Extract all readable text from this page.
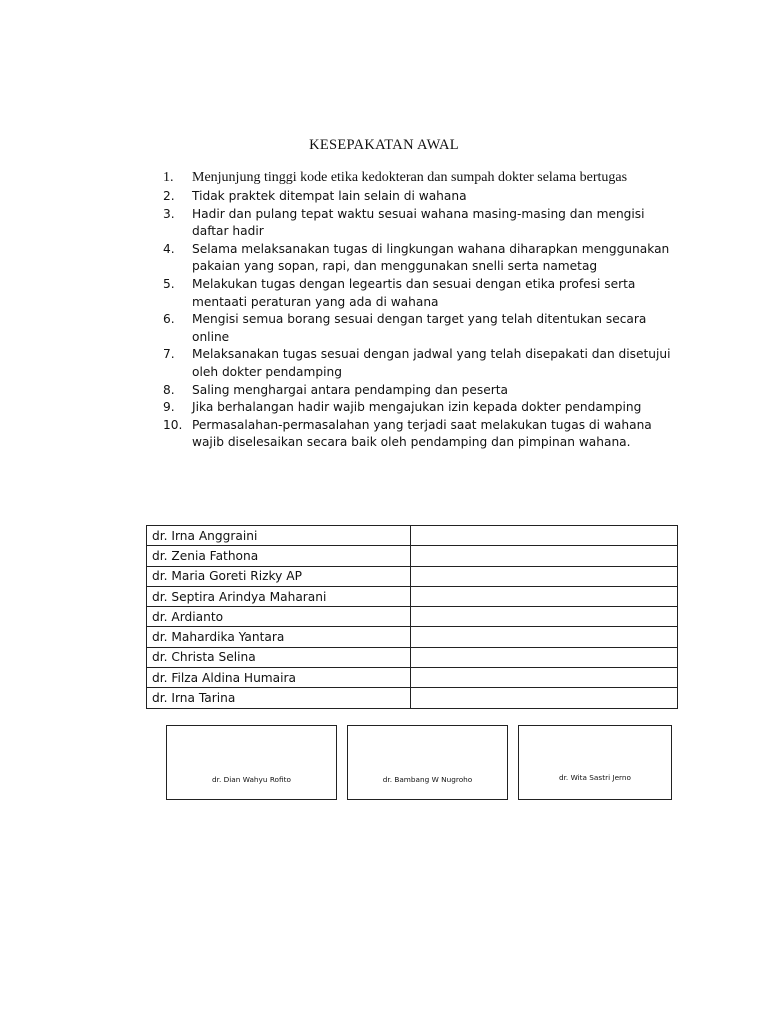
KESEPAKATAN AWAL
1.	Menjunjung tinggi kode etika kedokteran dan sumpah dokter selama bertugas
2.	Tidak praktek ditempat lain selain di wahana
3.	Hadir dan pulang tepat waktu sesuai wahana masing-masing dan mengisi daftar hadir
4.	Selama melaksanakan tugas di lingkungan wahana diharapkan menggunakan pakaian yang sopan, rapi, dan menggunakan snelli serta nametag
5.	Melakukan tugas dengan legeartis dan sesuai dengan etika profesi serta mentaati peraturan yang ada di wahana
6.	Mengisi semua borang sesuai dengan target yang telah ditentukan secara online
7.	Melaksanakan tugas sesuai dengan jadwal yang telah disepakati dan disetujui oleh dokter pendamping
8.	Saling menghargai antara pendamping dan peserta
9.	Jika berhalangan hadir wajib mengajukan izin kepada dokter pendamping
10. Permasalahan-permasalahan yang terjadi saat melakukan tugas di wahana wajib diselesaikan secara baik oleh pendamping dan pimpinan wahana.
dr. Irna Anggraini	
dr. Zenia Fathona	
dr. Maria Goreti Rizky AP	
dr. Septira Arindya Maharani	
dr. Ardianto	
dr. Mahardika Yantara	
dr. Christa Selina	
dr. Filza Aldina Humaira	
dr. Irna Tarina	
dr. Dian Wahyu Rofito	dr. Bambang W Nugroho	dr. Wita Sastri Jerno
